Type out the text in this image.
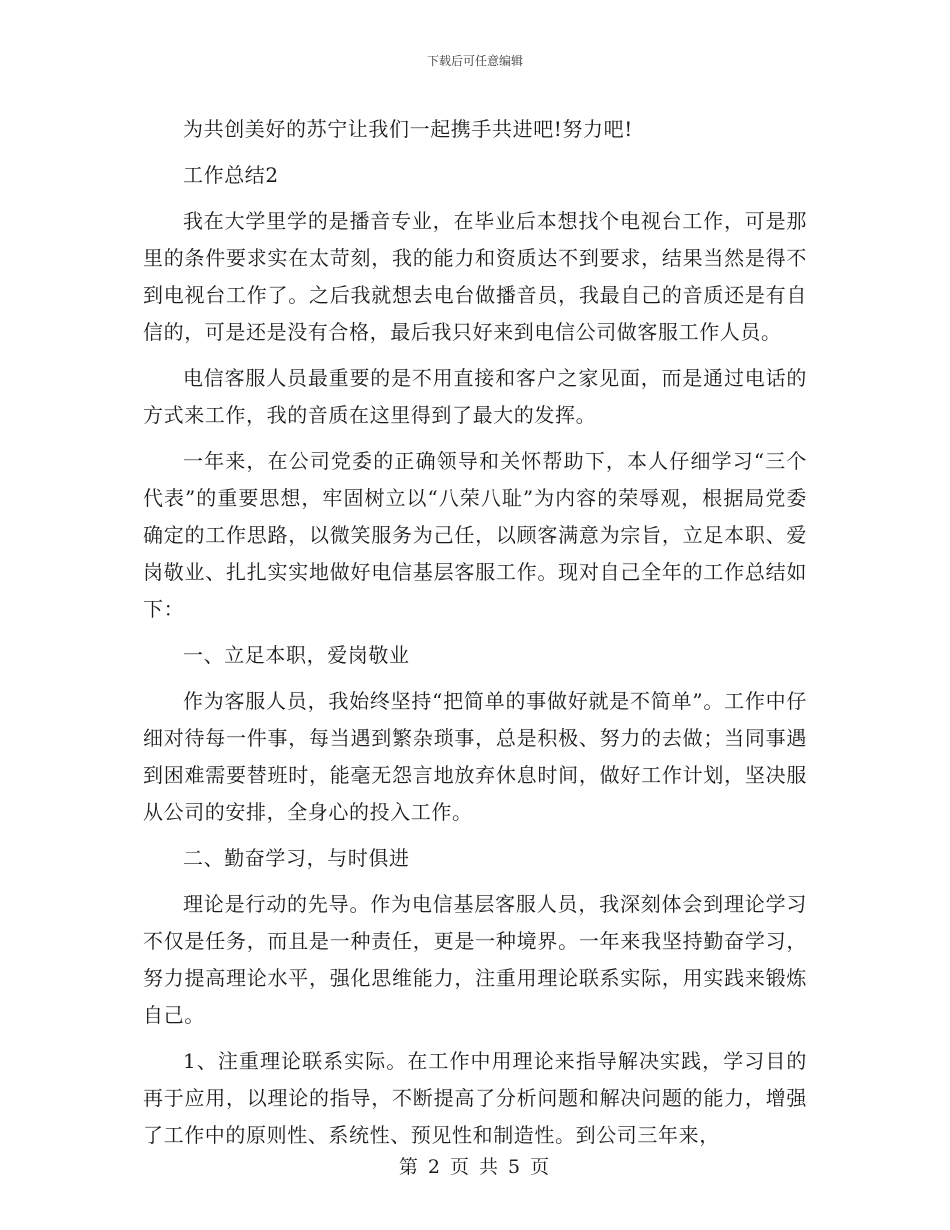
下载后可任意编辑

为共创美好的苏宁让我们一起携手共进吧!努力吧!

工作总结2

我在大学里学的是播音专业，在毕业后本想找个电视台工作，可是那里的条件要求实在太苛刻，我的能力和资质达不到要求，结果当然是得不到电视台工作了。之后我就想去电台做播音员，我最自己的音质还是有自信的，可是还是没有合格，最后我只好来到电信公司做客服工作人员。

电信客服人员最重要的是不用直接和客户之家见面，而是通过电话的方式来工作，我的音质在这里得到了最大的发挥。

一年来，在公司党委的正确领导和关怀帮助下，本人仔细学习“三个代表”的重要思想，牢固树立以“八荣八耻”为内容的荣辱观，根据局党委确定的工作思路，以微笑服务为己任，以顾客满意为宗旨，立足本职、爱岗敬业、扎扎实实地做好电信基层客服工作。现对自己全年的工作总结如下：

一、立足本职，爱岗敬业

作为客服人员，我始终坚持“把简单的事做好就是不简单”。工作中仔细对待每一件事，每当遇到繁杂琐事，总是积极、努力的去做；当同事遇到困难需要替班时，能毫无怨言地放弃休息时间，做好工作计划，坚决服从公司的安排，全身心的投入工作。

二、勤奋学习，与时俱进

理论是行动的先导。作为电信基层客服人员，我深刻体会到理论学习不仅是任务，而且是一种责任，更是一种境界。一年来我坚持勤奋学习，努力提高理论水平，强化思维能力，注重用理论联系实际，用实践来锻炼自己。

1、注重理论联系实际。在工作中用理论来指导解决实践，学习目的再于应用，以理论的指导，不断提高了分析问题和解决问题的能力，增强了工作中的原则性、系统性、预见性和制造性。到公司三年来，

第 2 页 共 5 页
